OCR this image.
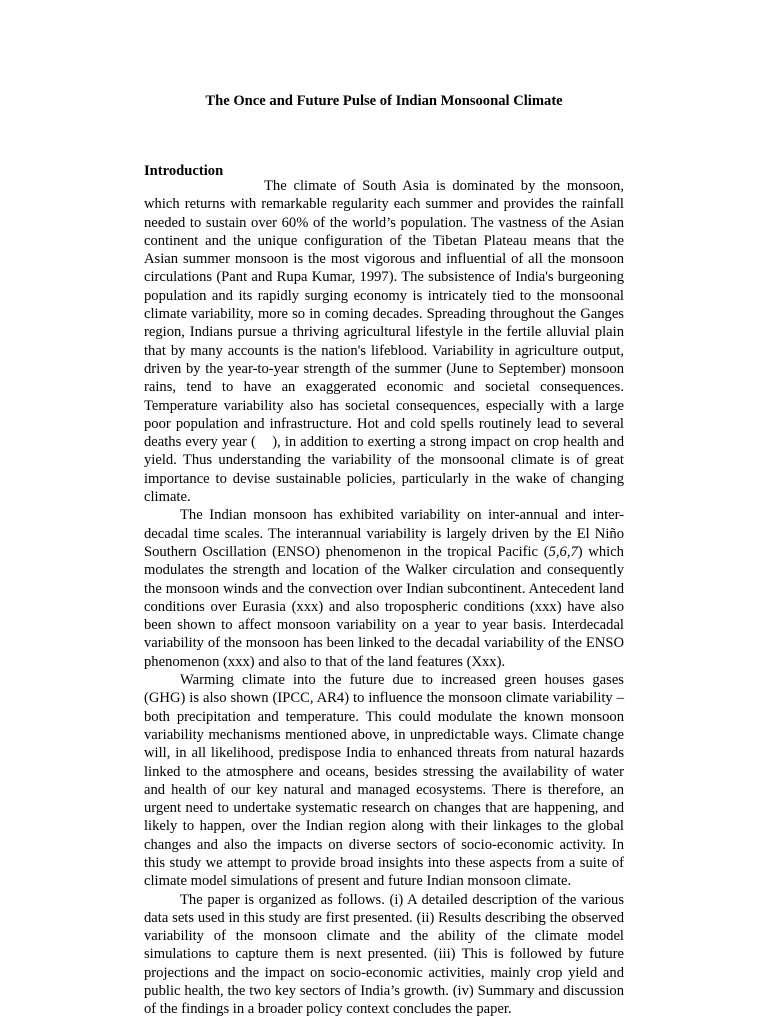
The Once and Future Pulse of Indian Monsoonal Climate
Introduction

The climate of South Asia is dominated by the monsoon, which returns with remarkable regularity each summer and provides the rainfall needed to sustain over 60% of the world’s population. The vastness of the Asian continent and the unique configuration of the Tibetan Plateau means that the Asian summer monsoon is the most vigorous and influential of all the monsoon circulations (Pant and Rupa Kumar, 1997). The subsistence of India's burgeoning population and its rapidly surging economy is intricately tied to the monsoonal climate variability, more so in coming decades. Spreading throughout the Ganges region, Indians pursue a thriving agricultural lifestyle in the fertile alluvial plain that by many accounts is the nation's lifeblood. Variability in agriculture output, driven by the year-to-year strength of the summer (June to September) monsoon rains, tend to have an exaggerated economic and societal consequences. Temperature variability also has societal consequences, especially with a large poor population and infrastructure. Hot and cold spells routinely lead to several deaths every year ( ), in addition to exerting a strong impact on crop health and yield. Thus understanding the variability of the monsoonal climate is of great importance to devise sustainable policies, particularly in the wake of changing climate.

The Indian monsoon has exhibited variability on inter-annual and inter-decadal time scales. The interannual variability is largely driven by the El Niño Southern Oscillation (ENSO) phenomenon in the tropical Pacific (5,6,7) which modulates the strength and location of the Walker circulation and consequently the monsoon winds and the convection over Indian subcontinent. Antecedent land conditions over Eurasia (xxx) and also tropospheric conditions (xxx) have also been shown to affect monsoon variability on a year to year basis. Interdecadal variability of the monsoon has been linked to the decadal variability of the ENSO phenomenon (xxx) and also to that of the land features (Xxx).

Warming climate into the future due to increased green houses gases (GHG) is also shown (IPCC, AR4) to influence the monsoon climate variability – both precipitation and temperature. This could modulate the known monsoon variability mechanisms mentioned above, in unpredictable ways. Climate change will, in all likelihood, predispose India to enhanced threats from natural hazards linked to the atmosphere and oceans, besides stressing the availability of water and health of our key natural and managed ecosystems. There is therefore, an urgent need to undertake systematic research on changes that are happening, and likely to happen, over the Indian region along with their linkages to the global changes and also the impacts on diverse sectors of socio-economic activity. In this study we attempt to provide broad insights into these aspects from a suite of climate model simulations of present and future Indian monsoon climate.

The paper is organized as follows. (i) A detailed description of the various data sets used in this study are first presented. (ii) Results describing the observed variability of the monsoon climate and the ability of the climate model simulations to capture them is next presented. (iii) This is followed by future projections and the impact on socio-economic activities, mainly crop yield and public health, the two key sectors of India’s growth. (iv) Summary and discussion of the findings in a broader policy context concludes the paper.
